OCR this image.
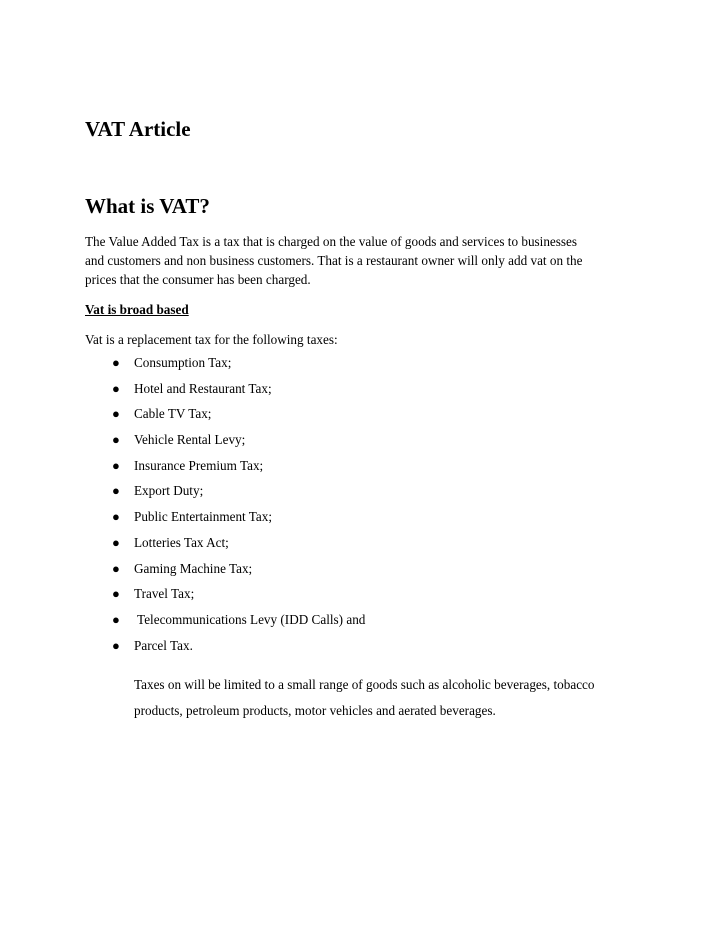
VAT Article
What is VAT?

The Value Added Tax is a tax that is charged on the value of goods and services to businesses
and customers and non business customers. That is a restaurant owner will only add vat on the
prices that the consumer has been charged.

Vat is broad based

Vat is a replacement tax for the following taxes:

● Consumption Tax;
● Hotel and Restaurant Tax;
● Cable TV Tax;
● Vehicle Rental Levy;
● Insurance Premium Tax;
● Export Duty;
● Public Entertainment Tax;
● Lotteries Tax Act;
● Gaming Machine Tax;
● Travel Tax;
● Telecommunications Levy (IDD Calls) and
● Parcel Tax.

Taxes on will be limited to a small range of goods such as alcoholic beverages, tobacco
products, petroleum products, motor vehicles and aerated beverages.
